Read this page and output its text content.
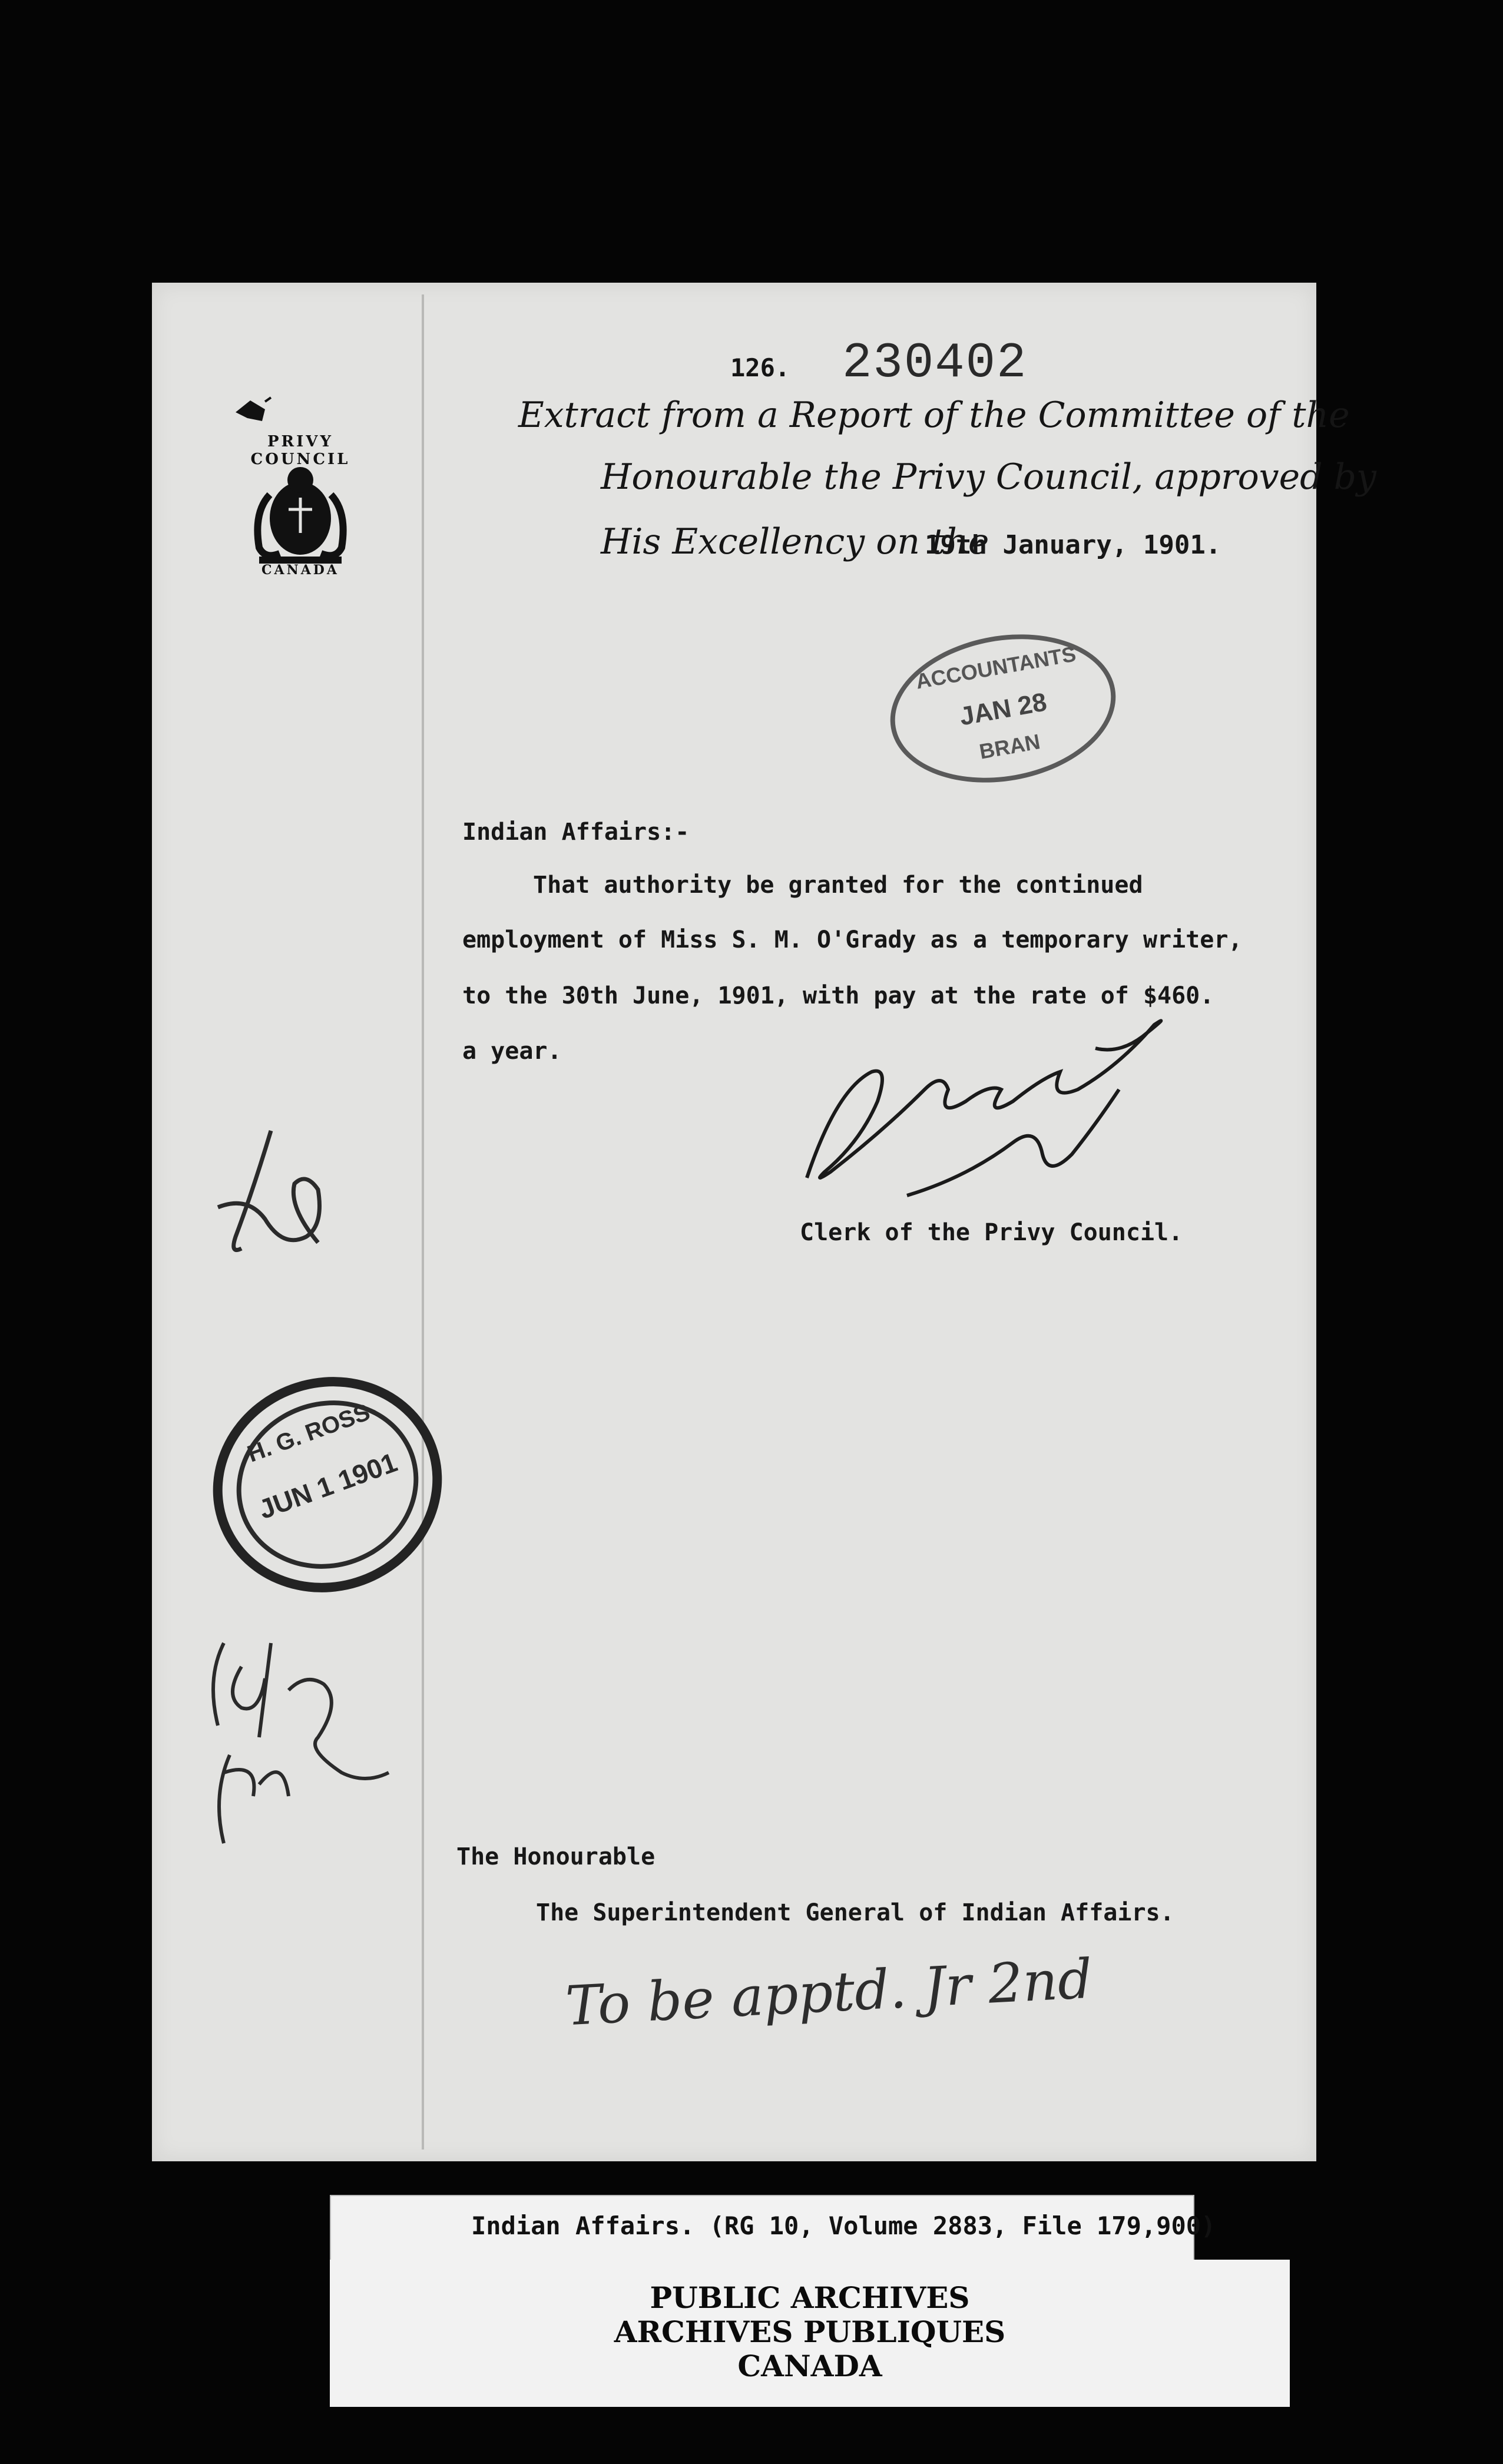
PRIVY COUNCIL
CANADA
126. 230402
Extract from a Report of the Committee of the
Honourable the Privy Council, approved by
His Excellency on the
19th January, 1901.
ACCOUNTANTS
JAN 28
BRAN
Indian Affairs:-
That authority be granted for the continued
employment of Miss S. M. O'Grady as a temporary writer,
to the 30th June, 1901, with pay at the rate of $460.
a year.
Clerk of the Privy Council.
H. G. ROSS
JUN 1 1901
The Honourable
The Superintendent General of Indian Affairs.
To be apptd. Jr 2nd
Indian Affairs. (RG 10, Volume 2883, File 179,900)
PUBLIC ARCHIVES
ARCHIVES PUBLIQUES
CANADA
